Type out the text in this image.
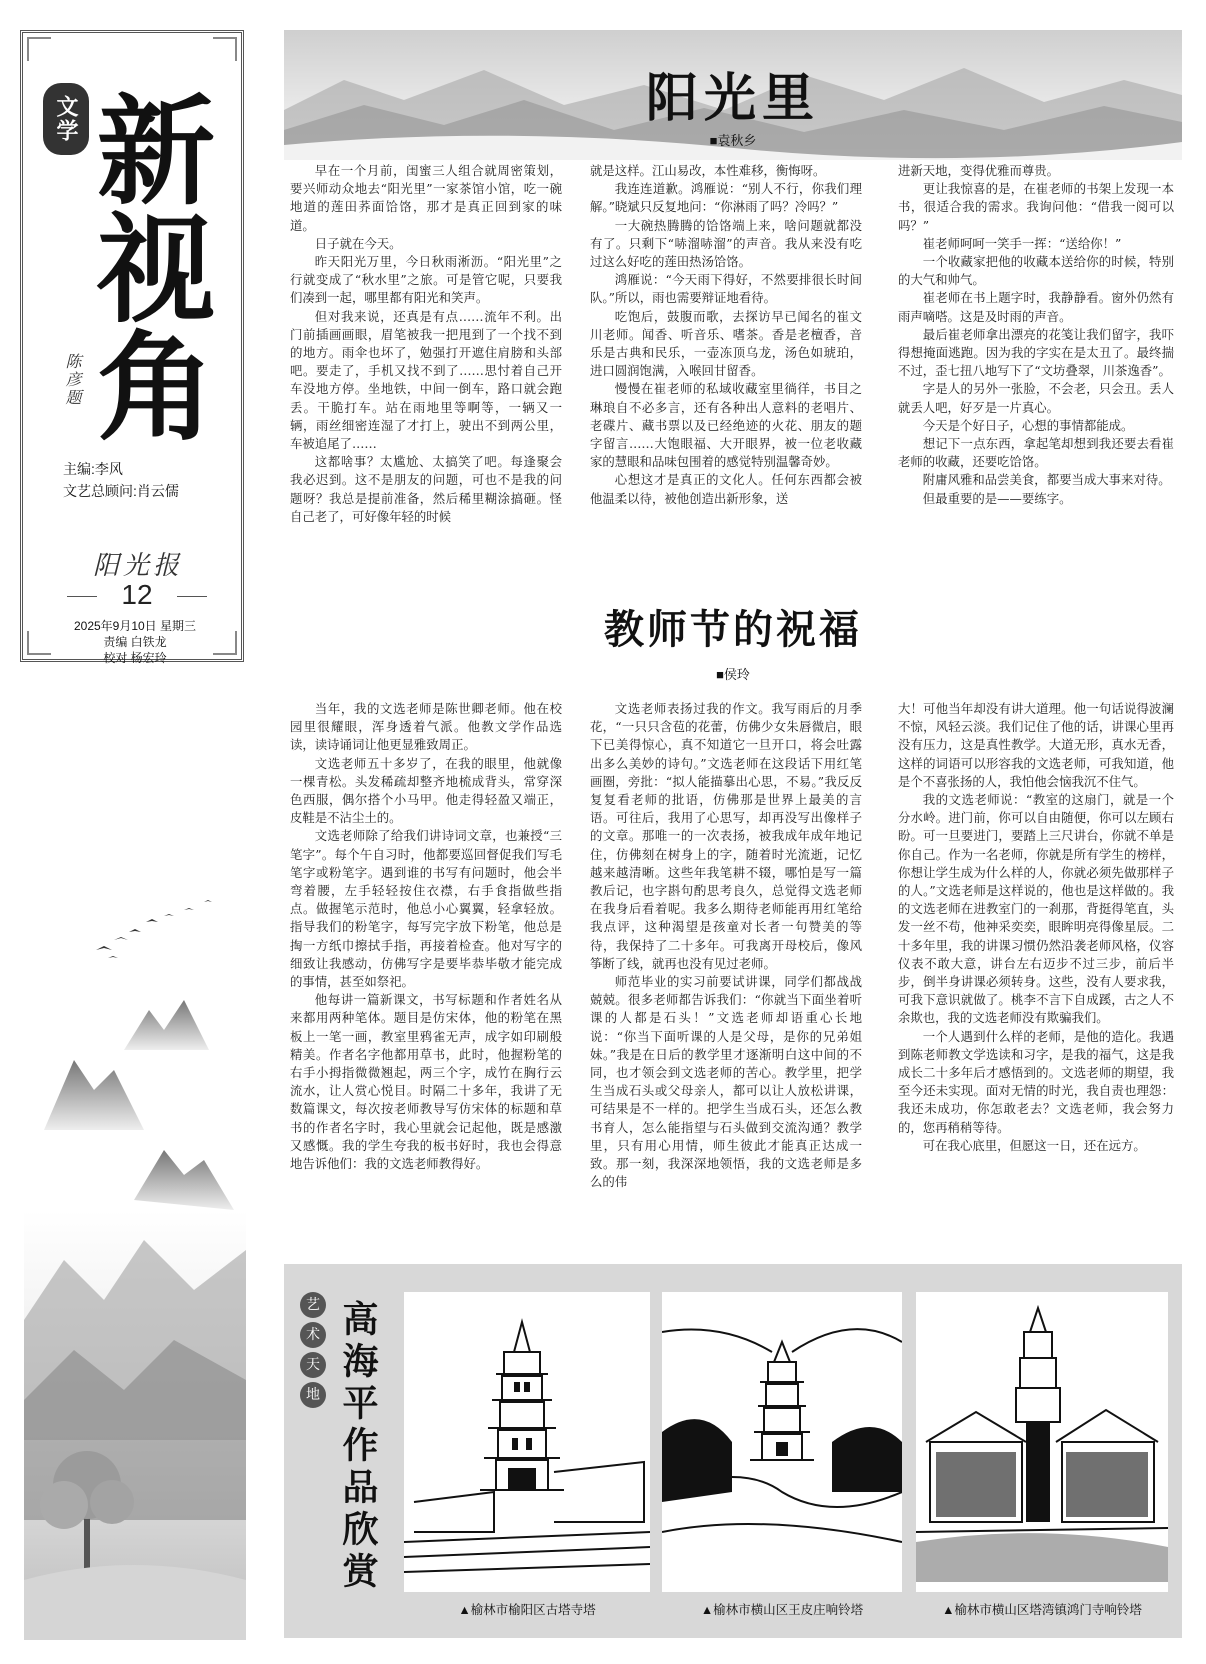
文学 新
视
角
陈彦题
主编:李风
文艺总顾问:肖云儒
阳光报
12
2025年9月10日 星期三
责编 白铁龙
校对 杨宏玲
阳光里
■袁秋乡

早在一个月前，闺蜜三人组合就周密策划，要兴师动众地去“阳光里”一家茶馆小馆，吃一碗地道的莲田荞面饸饹，那才是真正回到家的味道。

日子就在今天。

昨天阳光万里，今日秋雨淅沥。“阳光里”之行就变成了“秋水里”之旅。可是管它呢，只要我们凑到一起，哪里都有阳光和笑声。

但对我来说，还真是有点……流年不利。出门前插画画眼，眉笔被我一把甩到了一个找不到的地方。雨伞也坏了，勉强打开遮住肩膀和头部吧。要走了，手机又找不到了……思忖着自己开车没地方停。坐地铁，中间一倒车，路口就会跑丢。干脆打车。站在雨地里等啊等，一辆又一辆，雨丝细密连湿了才打上，驶出不到两公里，车被追尾了……

这都啥事？太尴尬、太搞笑了吧。每逢聚会我必迟到。这不是朋友的问题，可也不是我的问题呀？我总是提前准备，然后稀里糊涂搞砸。怪自己老了，可好像年轻的时候

就是这样。江山易改，本性难移，衡悔呀。

我连连道歉。鸿雁说：“别人不行，你我们理解。”晓斌只反复地问：“你淋雨了吗？冷吗？”

一大碗热腾腾的饸饹端上来，啥问题就都没有了。只剩下“哧溜哧溜”的声音。我从来没有吃过这么好吃的莲田热汤饸饹。

鸿雁说：“今天雨下得好，不然要排很长时间队。”所以，雨也需要辩证地看待。

吃饱后，鼓腹而歌，去探访早已闻名的崔文川老师。闻香、听音乐、嗜茶。香是老檀香，音乐是古典和民乐，一壶冻顶乌龙，汤色如琥珀，进口圆润饱满，入喉回甘留香。

慢慢在崔老师的私域收藏室里徜徉，书目之琳琅自不必多言，还有各种出人意料的老唱片、老碟片、藏书票以及已经绝迹的火花、朋友的题字留言……大饱眼福、大开眼界，被一位老收藏家的慧眼和品味包围着的感觉特别温馨奇妙。

心想这才是真正的文化人。任何东西都会被他温柔以待，被他创造出新形象，送

进新天地，变得优雅而尊贵。

更让我惊喜的是，在崔老师的书架上发现一本书，很适合我的需求。我询问他：“借我一阅可以吗？”

崔老师呵呵一笑手一挥：“送给你！”

一个收藏家把他的收藏本送给你的时候，特别的大气和帅气。

崔老师在书上题字时，我静静看。窗外仍然有雨声嘀嗒。这是及时雨的声音。

最后崔老师拿出漂亮的花笺让我们留字，我吓得想掩面逃跑。因为我的字实在是太丑了。最终揣不过，歪七扭八地写下了“文坊叠翠，川茶逸香”。

字是人的另外一张脸，不会老，只会丑。丢人就丢人吧，好歹是一片真心。

今天是个好日子，心想的事情都能成。

想记下一点东西，拿起笔却想到我还要去看崔老师的收藏，还要吃饸饹。

附庸风雅和品尝美食，都要当成大事来对待。

但最重要的是——要练字。

教师节的祝福
■侯玲

当年，我的文选老师是陈世卿老师。他在校园里很耀眼，浑身透着气派。他教文学作品选读，读诗诵词让他更显雅致周正。

文选老师五十多岁了，在我的眼里，他就像一棵青松。头发稀疏却整齐地梳成背头，常穿深色西服，偶尔搭个小马甲。他走得轻盈又端正，皮鞋是不沾尘土的。

文选老师除了给我们讲诗词文章，也兼授“三笔字”。每个午自习时，他都要巡回督促我们写毛笔字或粉笔字。遇到谁的书写有问题时，他会半弯着腰，左手轻轻按住衣襟，右手食指做些指点。做握笔示范时，他总小心翼翼，轻拿轻放。指导我们的粉笔字，每写完字放下粉笔，他总是掏一方纸巾擦拭手指，再接着检查。他对写字的细致让我感动，仿佛写字是要毕恭毕敬才能完成的事情，甚至如祭祀。

他每讲一篇新课文，书写标题和作者姓名从来都用两种笔体。题目是仿宋体，他的粉笔在黑板上一笔一画，教室里鸦雀无声，成字如印刷般精美。作者名字他都用草书，此时，他握粉笔的右手小拇指微微翘起，两三个字，成竹在胸行云流水，让人赏心悦目。时隔二十多年，我讲了无数篇课文，每次按老师教导写仿宋体的标题和草书的作者名字时，我心里就会记起他，既是感激又感慨。我的学生夸我的板书好时，我也会得意地告诉他们：我的文选老师教得好。

文选老师表扬过我的作文。我写雨后的月季花，“一只只含苞的花蕾，仿佛少女朱唇微启，眼下已美得惊心，真不知道它一旦开口，将会吐露出多么美妙的诗句。”文选老师在这段话下用红笔画圈，旁批：“拟人能描摹出心思，不易。”我反反复复看老师的批语，仿佛那是世界上最美的言语。可往后，我用了心思写，却再没写出像样子的文章。那唯一的一次表扬，被我成年成年地记住，仿佛刻在树身上的字，随着时光流逝，记忆越来越清晰。这些年我笔耕不辍，哪怕是写一篇教后记，也字斟句酌思考良久，总觉得文选老师在我身后看着呢。我多么期待老师能再用红笔给我点评，这种渴望是孩童对长者一句赞美的等待，我保持了二十多年。可我离开母校后，像风筝断了线，就再也没有见过老师。

师范毕业的实习前要试讲课，同学们都战战兢兢。很多老师都告诉我们：“你就当下面坐着听课的人都是石头！”文选老师却语重心长地说：“你当下面听课的人是父母，是你的兄弟姐妹。”我是在日后的教学里才逐渐明白这中间的不同，也才领会到文选老师的苦心。教学里，把学生当成石头或父母亲人，都可以让人放松讲课，可结果是不一样的。把学生当成石头，还怎么教书育人，怎么能指望与石头做到交流沟通？教学里，只有用心用情，师生彼此才能真正达成一致。那一刻，我深深地领悟，我的文选老师是多么的伟

大！可他当年却没有讲大道理。他一句话说得波澜不惊，风轻云淡。我们记住了他的话，讲课心里再没有压力，这是真性教学。大道无形，真水无香，这样的词语可以形容我的文选老师，可我知道，他是个不喜张扬的人，我怕他会恼我沉不住气。

我的文选老师说：“教室的这扇门，就是一个分水岭。进门前，你可以自由随便，你可以左顾右盼。可一旦要进门，要踏上三尺讲台，你就不单是你自己。作为一名老师，你就是所有学生的榜样，你想让学生成为什么样的人，你就必须先做那样子的人。”文选老师是这样说的，他也是这样做的。我的文选老师在进教室门的一刹那，背挺得笔直，头发一丝不苟，他神采奕奕，眼眸明亮得像星辰。二十多年里，我的讲课习惯仍然沿袭老师风格，仪容仪表不敢大意，讲台左右迈步不过三步，前后半步，倒半身讲课必须转身。这些，没有人要求我，可我下意识就做了。桃李不言下自成蹊，古之人不余欺也，我的文选老师没有欺骗我们。

一个人遇到什么样的老师，是他的造化。我遇到陈老师教文学选读和习字，是我的福气，这是我成长二十多年后才感悟到的。文选老师的期望，我至今还未实现。面对无情的时光，我自责也理怨：我还未成功，你怎敢老去？文选老师，我会努力的，您再稍稍等待。

可在我心底里，但愿这一日，还在远方。

艺
术
天
地 高海平作品欣赏
▲榆林市榆阳区古塔寺塔	▲榆林市横山区王皮庄响铃塔	▲榆林市横山区塔湾镇鸿门寺响铃塔
